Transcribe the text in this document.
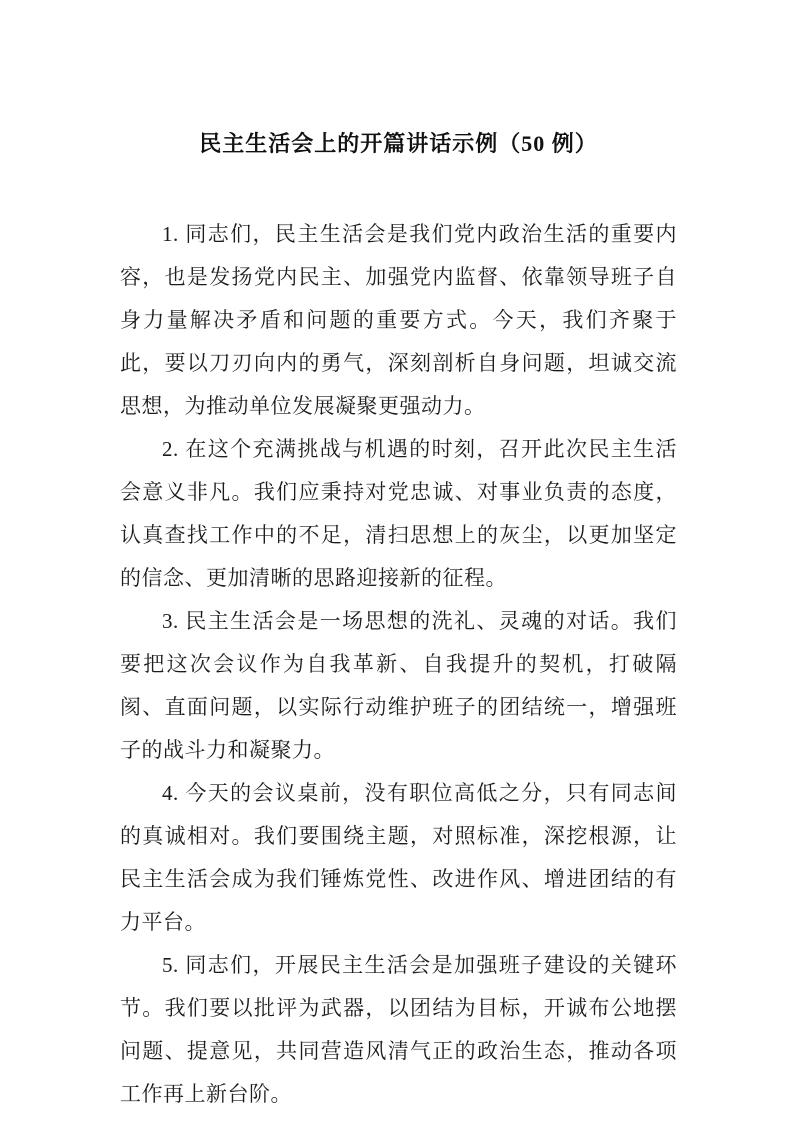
民主生活会上的开篇讲话示例（50 例）

1. 同志们，民主生活会是我们党内政治生活的重要内容，也是发扬党内民主、加强党内监督、依靠领导班子自身力量解决矛盾和问题的重要方式。今天，我们齐聚于此，要以刀刃向内的勇气，深刻剖析自身问题，坦诚交流思想，为推动单位发展凝聚更强动力。

2. 在这个充满挑战与机遇的时刻，召开此次民主生活会意义非凡。我们应秉持对党忠诚、对事业负责的态度，认真查找工作中的不足，清扫思想上的灰尘，以更加坚定的信念、更加清晰的思路迎接新的征程。

3. 民主生活会是一场思想的洗礼、灵魂的对话。我们要把这次会议作为自我革新、自我提升的契机，打破隔阂、直面问题，以实际行动维护班子的团结统一，增强班子的战斗力和凝聚力。

4. 今天的会议桌前，没有职位高低之分，只有同志间的真诚相对。我们要围绕主题，对照标准，深挖根源，让民主生活会成为我们锤炼党性、改进作风、增进团结的有力平台。

5. 同志们，开展民主生活会是加强班子建设的关键环节。我们要以批评为武器，以团结为目标，开诚布公地摆问题、提意见，共同营造风清气正的政治生态，推动各项工作再上新台阶。
